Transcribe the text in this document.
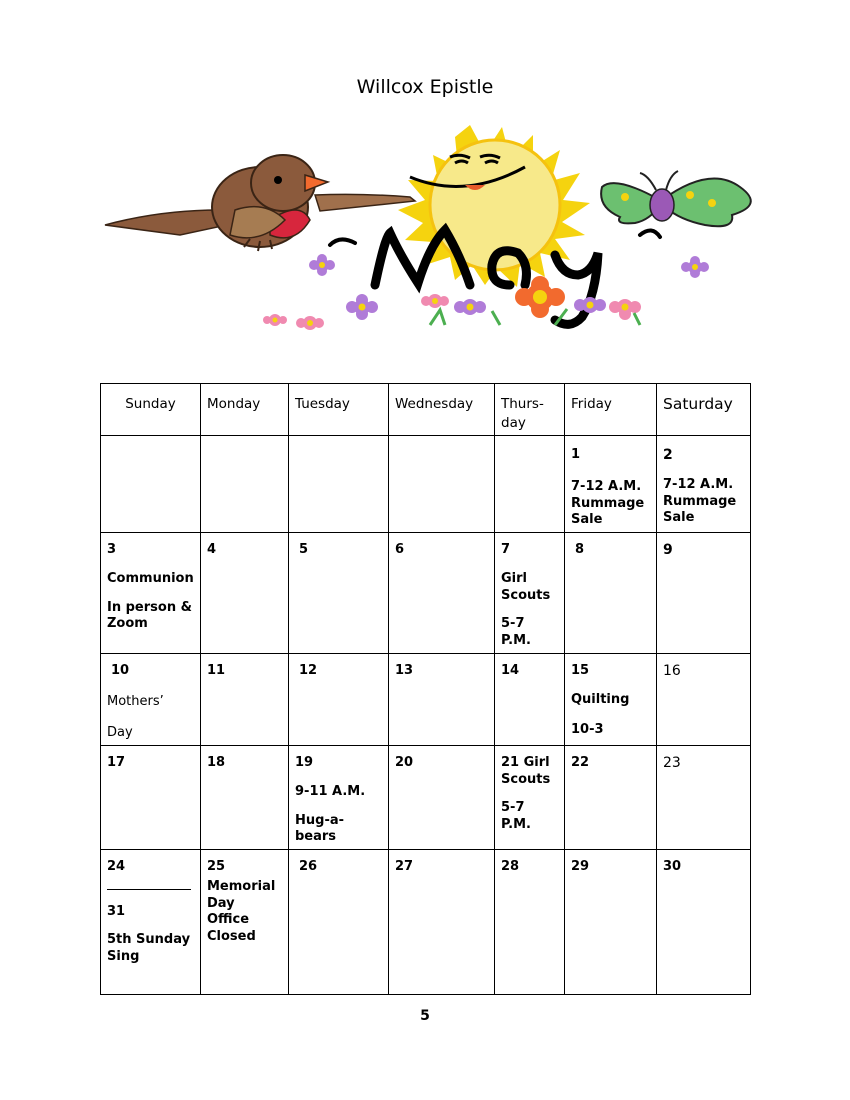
Willcox Epistle
Sunday	Monday	Tuesday	Wednesday	Thurs-
day	Friday	Saturday

					1
7-12 A.M.
Rummage
Sale	2
7-12 A.M.
Rummage
Sale

3
Communion
In person &
Zoom	4	5	6	7
Girl
Scouts
5-7
P.M.	8	9

10
Mothers’
Day	11	12	13	14	15
Quilting
10-3	16

17	18	19
9-11 A.M.
Hug-a-
bears	20	21 Girl
Scouts
5-7
P.M.	22	23

24
31
5th Sunday
Sing	25
Memorial
Day
Office
Closed	26	27	28	29	30
5
